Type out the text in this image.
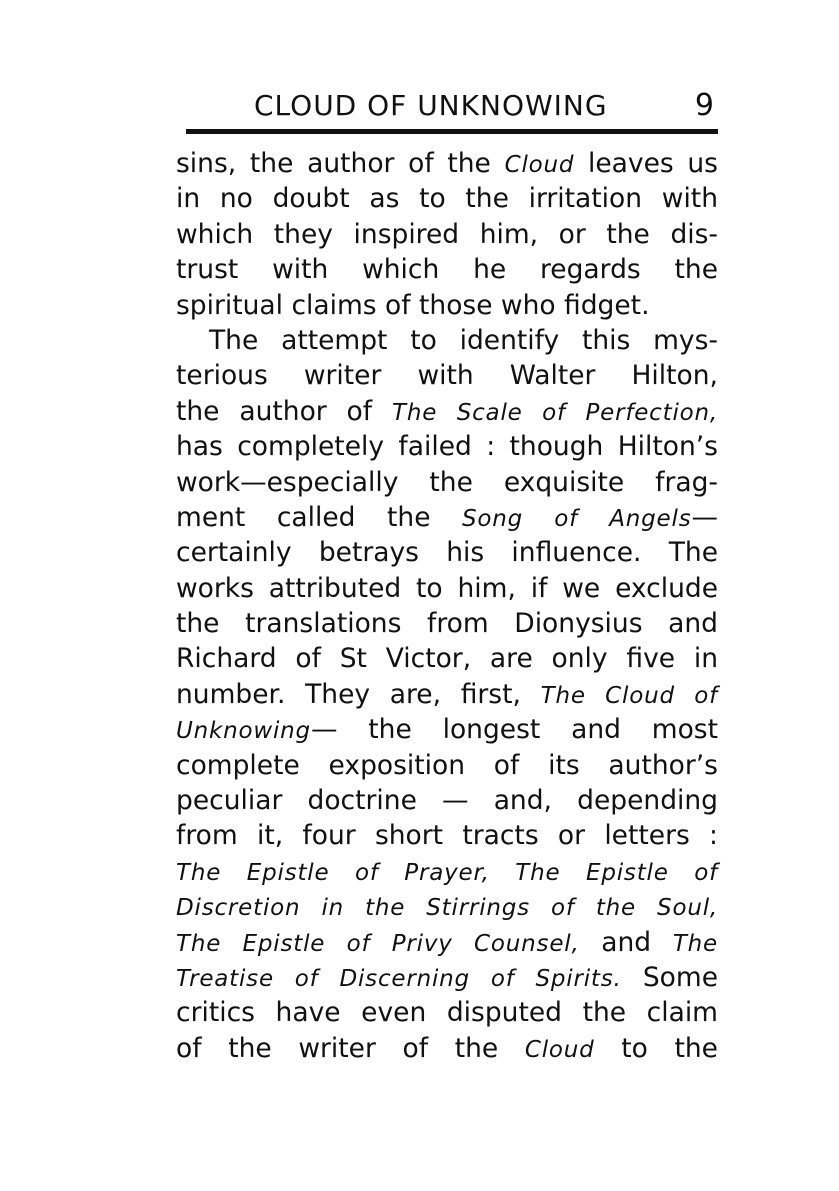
CLOUD OF UNKNOWING	9
sins, the author of the Cloud leaves us
in no doubt as to the irritation with
which they inspired him, or the dis-
trust with which he regards the
spiritual claims of those who fidget.
The attempt to identify this mys-
terious writer with Walter Hilton,
the author of The Scale of Perfection,
has completely failed : though Hilton’s
work—especially the exquisite frag-
ment called the Song of Angels—
certainly betrays his influence. The
works attributed to him, if we exclude
the translations from Dionysius and
Richard of St Victor, are only five in
number. They are, first, The Cloud of
Unknowing— the longest and most
complete exposition of its author’s
peculiar doctrine — and, depending
from it, four short tracts or letters :
The Epistle of Prayer, The Epistle of
Discretion in the Stirrings of the Soul,
The Epistle of Privy Counsel, and The
Treatise of Discerning of Spirits. Some
critics have even disputed the claim
of the writer of the Cloud to the
